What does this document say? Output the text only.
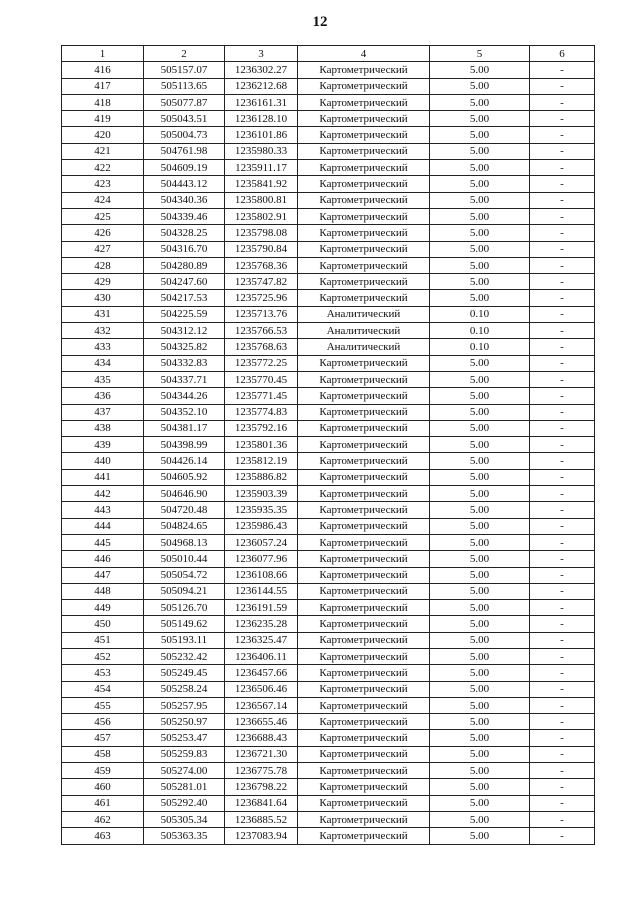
12
1	2	3	4	5	6
416	505157.07	1236302.27	Картометрический	5.00	-
417	505113.65	1236212.68	Картометрический	5.00	-
418	505077.87	1236161.31	Картометрический	5.00	-
419	505043.51	1236128.10	Картометрический	5.00	-
420	505004.73	1236101.86	Картометрический	5.00	-
421	504761.98	1235980.33	Картометрический	5.00	-
422	504609.19	1235911.17	Картометрический	5.00	-
423	504443.12	1235841.92	Картометрический	5.00	-
424	504340.36	1235800.81	Картометрический	5.00	-
425	504339.46	1235802.91	Картометрический	5.00	-
426	504328.25	1235798.08	Картометрический	5.00	-
427	504316.70	1235790.84	Картометрический	5.00	-
428	504280.89	1235768.36	Картометрический	5.00	-
429	504247.60	1235747.82	Картометрический	5.00	-
430	504217.53	1235725.96	Картометрический	5.00	-
431	504225.59	1235713.76	Аналитический	0.10	-
432	504312.12	1235766.53	Аналитический	0.10	-
433	504325.82	1235768.63	Аналитический	0.10	-
434	504332.83	1235772.25	Картометрический	5.00	-
435	504337.71	1235770.45	Картометрический	5.00	-
436	504344.26	1235771.45	Картометрический	5.00	-
437	504352.10	1235774.83	Картометрический	5.00	-
438	504381.17	1235792.16	Картометрический	5.00	-
439	504398.99	1235801.36	Картометрический	5.00	-
440	504426.14	1235812.19	Картометрический	5.00	-
441	504605.92	1235886.82	Картометрический	5.00	-
442	504646.90	1235903.39	Картометрический	5.00	-
443	504720.48	1235935.35	Картометрический	5.00	-
444	504824.65	1235986.43	Картометрический	5.00	-
445	504968.13	1236057.24	Картометрический	5.00	-
446	505010.44	1236077.96	Картометрический	5.00	-
447	505054.72	1236108.66	Картометрический	5.00	-
448	505094.21	1236144.55	Картометрический	5.00	-
449	505126.70	1236191.59	Картометрический	5.00	-
450	505149.62	1236235.28	Картометрический	5.00	-
451	505193.11	1236325.47	Картометрический	5.00	-
452	505232.42	1236406.11	Картометрический	5.00	-
453	505249.45	1236457.66	Картометрический	5.00	-
454	505258.24	1236506.46	Картометрический	5.00	-
455	505257.95	1236567.14	Картометрический	5.00	-
456	505250.97	1236655.46	Картометрический	5.00	-
457	505253.47	1236688.43	Картометрический	5.00	-
458	505259.83	1236721.30	Картометрический	5.00	-
459	505274.00	1236775.78	Картометрический	5.00	-
460	505281.01	1236798.22	Картометрический	5.00	-
461	505292.40	1236841.64	Картометрический	5.00	-
462	505305.34	1236885.52	Картометрический	5.00	-
463	505363.35	1237083.94	Картометрический	5.00	-
